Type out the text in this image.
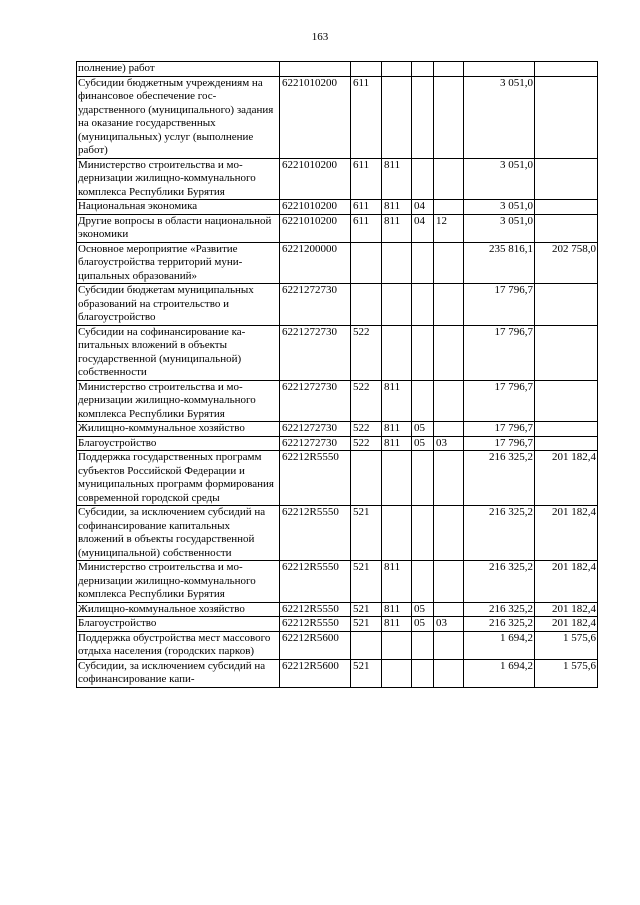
163
полнение) работ							
Субсидии бюджетным учреждениям на финансовое обеспечение государственного (муниципального) задания на оказание государственных (муниципальных) услуг (выполнение работ)	6221010200	611				3 051,0	
Министерство строительства и модернизации жилищно-коммунального комплекса Республики Бурятия	6221010200	611	811			3 051,0	
Национальная экономика	6221010200	611	811	04		3 051,0	
Другие вопросы в области национальной экономики	6221010200	611	811	04	12	3 051,0	
Основное мероприятие «Развитие благоустройства территорий муниципальных образований»	6221200000					235 816,1	202 758,0
Субсидии бюджетам муниципальных образований на строительство и благоустройство	6221272730					17 796,7	
Субсидии на софинансирование капитальных вложений в объекты государственной (муниципальной) собственности	6221272730	522				17 796,7	
Министерство строительства и модернизации жилищно-коммунального комплекса Республики Бурятия	6221272730	522	811			17 796,7	
Жилищно-коммунальное хозяйство	6221272730	522	811	05		17 796,7	
Благоустройство	6221272730	522	811	05	03	17 796,7	
Поддержка государственных программ субъектов Российской Федерации и муниципальных программ формирования современной городской среды	62212R5550					216 325,2	201 182,4
Субсидии, за исключением субсидий на софинансирование капитальных вложений в объекты государственной (муниципальной) собственности	62212R5550	521				216 325,2	201 182,4
Министерство строительства и модернизации жилищно-коммунального комплекса Республики Бурятия	62212R5550	521	811			216 325,2	201 182,4
Жилищно-коммунальное хозяйство	62212R5550	521	811	05		216 325,2	201 182,4
Благоустройство	62212R5550	521	811	05	03	216 325,2	201 182,4
Поддержка обустройства мест массового отдыха населения (городских парков)	62212R5600					1 694,2	1 575,6
Субсидии, за исключением субсидий на софинансирование капи-	62212R5600	521				1 694,2	1 575,6
